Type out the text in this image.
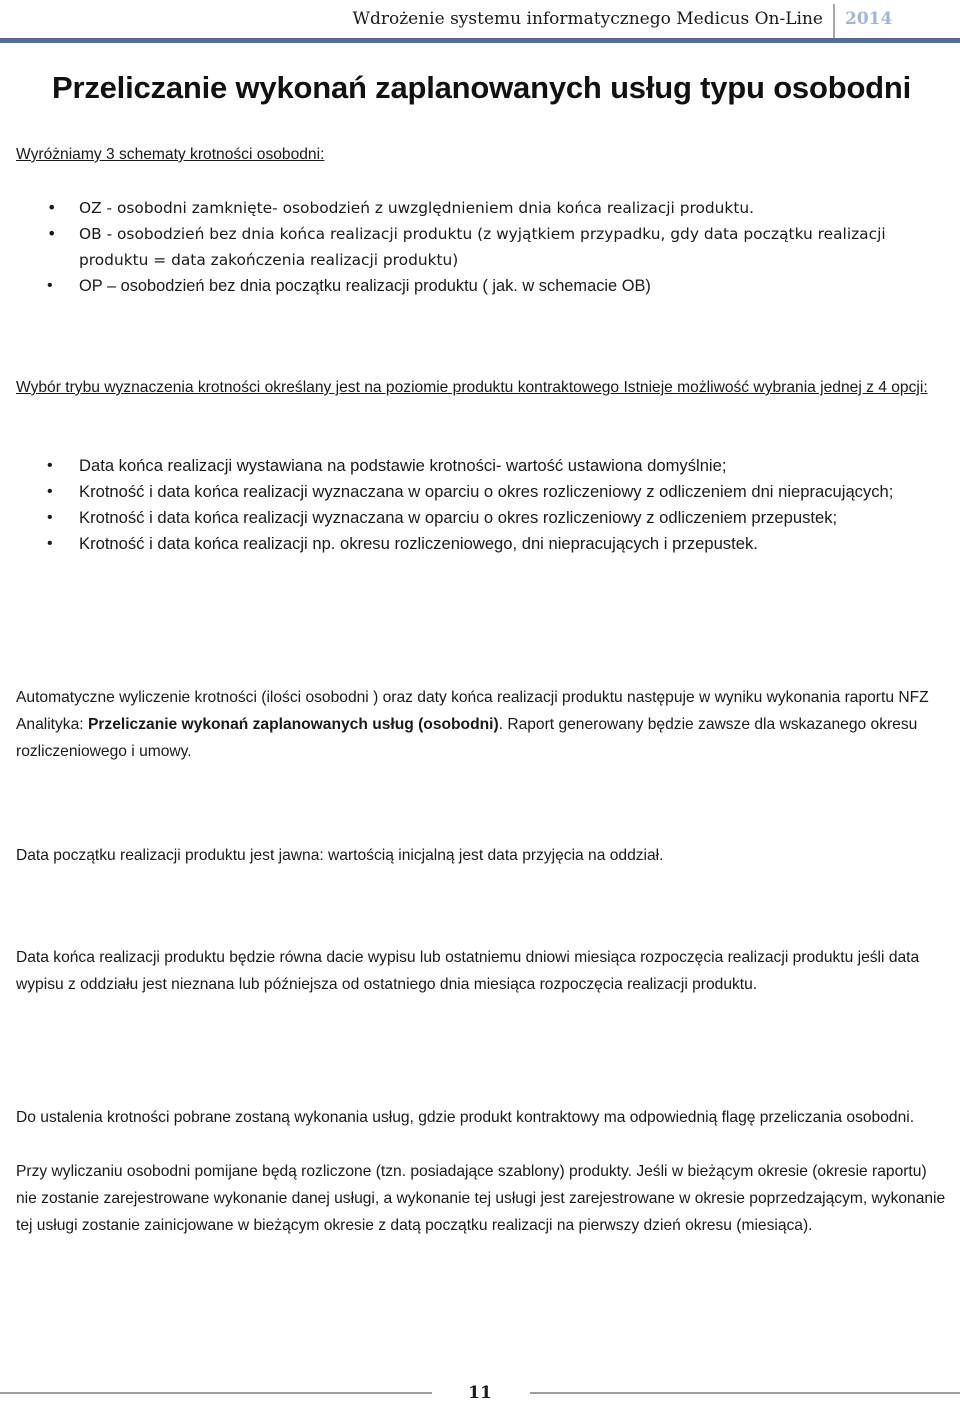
Wdrożenie systemu informatycznego Medicus On-Line 2014
Przeliczanie wykonań zaplanowanych usług typu osobodni

Wyróżniamy 3 schematy krotności osobodni:

• OZ - osobodni zamknięte- osobodzień z uwzględnieniem dnia końca realizacji produktu.
• OB - osobodzień bez dnia końca realizacji produktu (z wyjątkiem przypadku, gdy data początku realizacji produktu = data zakończenia realizacji produktu)
• OP – osobodzień bez dnia początku realizacji produktu ( jak. w schemacie OB)

Wybór trybu wyznaczenia krotności określany jest na poziomie produktu kontraktowego Istnieje możliwość wybrania jednej z 4 opcji:

• Data końca realizacji wystawiana na podstawie krotności- wartość ustawiona domyślnie;
• Krotność i data końca realizacji wyznaczana w oparciu o okres rozliczeniowy z odliczeniem dni niepracujących;
• Krotność i data końca realizacji wyznaczana w oparciu o okres rozliczeniowy z odliczeniem przepustek;
• Krotność i data końca realizacji np. okresu rozliczeniowego, dni niepracujących i przepustek.

Automatyczne wyliczenie krotności (ilości osobodni ) oraz daty końca realizacji produktu następuje w wyniku wykonania raportu NFZ Analityka: Przeliczanie wykonań zaplanowanych usług (osobodni). Raport generowany będzie zawsze dla wskazanego okresu rozliczeniowego i umowy.

Data początku realizacji produktu jest jawna: wartością inicjalną jest data przyjęcia na oddział.

Data końca realizacji produktu będzie równa dacie wypisu lub ostatniemu dniowi miesiąca rozpoczęcia realizacji produktu jeśli data wypisu z oddziału jest nieznana lub późniejsza od ostatniego dnia miesiąca rozpoczęcia realizacji produktu.

Do ustalenia krotności pobrane zostaną wykonania usług, gdzie produkt kontraktowy ma odpowiednią flagę przeliczania osobodni.

Przy wyliczaniu osobodni pomijane będą rozliczone (tzn. posiadające szablony) produkty. Jeśli w bieżącym okresie (okresie raportu) nie zostanie zarejestrowane wykonanie danej usługi, a wykonanie tej usługi jest zarejestrowane w okresie poprzedzającym, wykonanie tej usługi zostanie zainicjowane w bieżącym okresie z datą początku realizacji na pierwszy dzień okresu (miesiąca).

11
